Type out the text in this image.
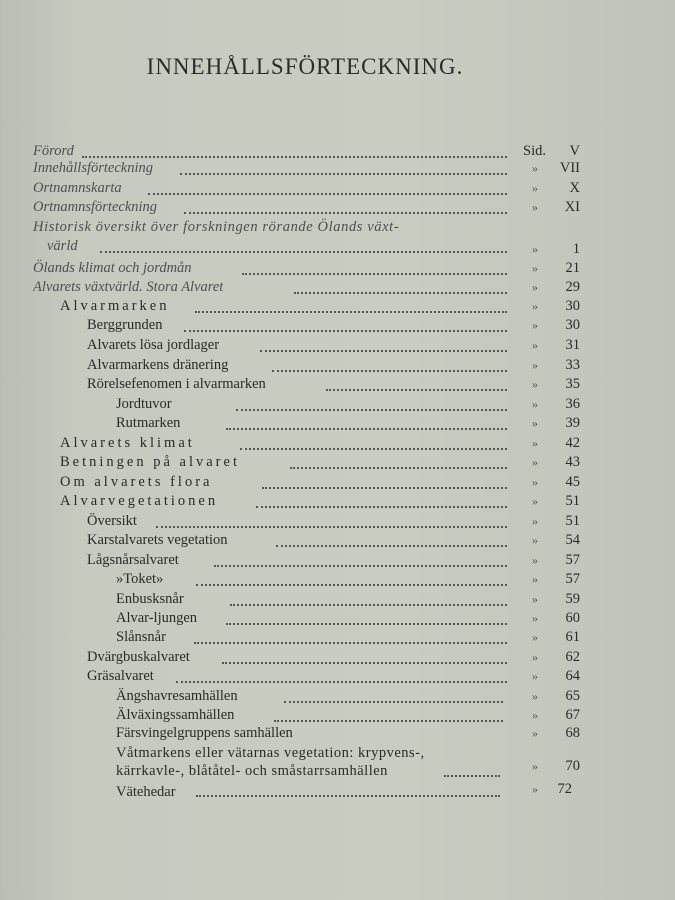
INNEHÅLLSFÖRTECKNING.
Förord	Sid.	V
Innehållsförteckning	»	VII
Ortnamnskarta	»	X
Ortnamnsförteckning	»	XI
Historisk översikt över forskningen rörande Ölands växt-
värld	»	1
Ölands klimat och jordmån	»	21
Alvarets växtvärld. Stora Alvaret	»	29
Alvarmarken	»	30
Berggrunden	»	30
Alvarets lösa jordlager	»	31
Alvarmarkens dränering	»	33
Rörelsefenomen i alvarmarken	»	35
Jordtuvor	»	36
Rutmarken	»	39
Alvarets klimat	»	42
Betningen på alvaret	»	43
Om alvarets flora	»	45
Alvarvegetationen	»	51
Översikt	»	51
Karstalvarets vegetation	»	54
Lågsnårsalvaret	»	57
»Toket»	»	57
Enbusksnår	»	59
Alvar-ljungen	»	60
Slånsnår	»	61
Dvärgbuskalvaret	»	62
Gräsalvaret	»	64
Ängshavresamhällen	»	65
Älväxingssamhällen	»	67
Färsvingelgruppens samhällen	»	68
Våtmarkens eller vätarnas vegetation: krypvens-,
kärrkavle-, blåtåtel- och småstarrsamhällen	»	70
Vätehedar	»	72
